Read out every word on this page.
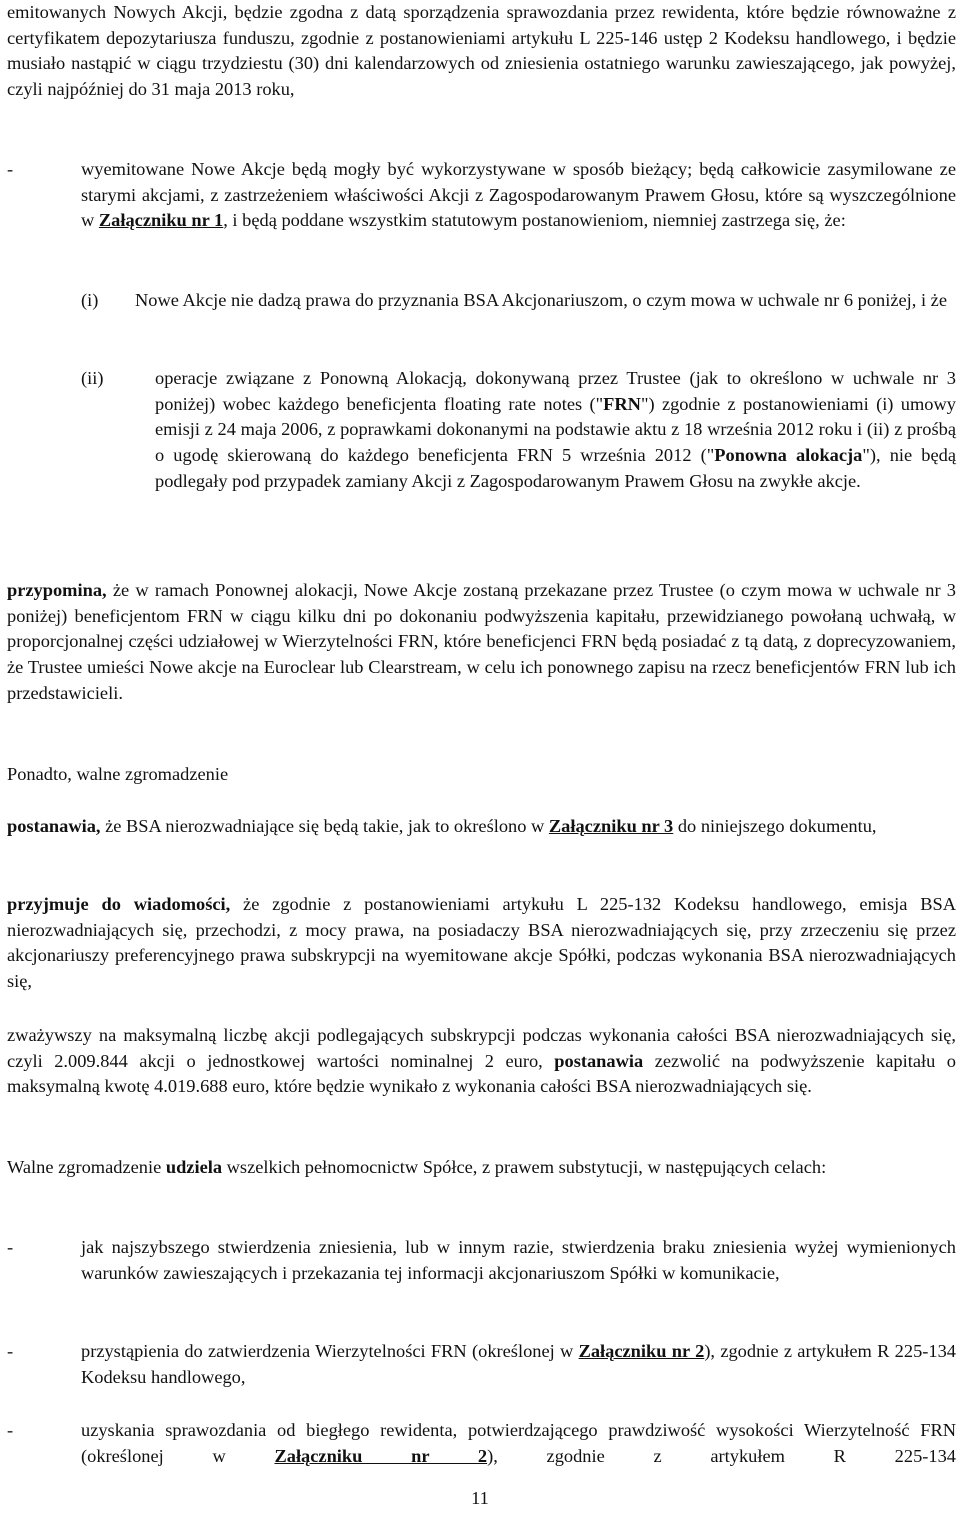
emitowanych Nowych Akcji, będzie zgodna z datą sporządzenia sprawozdania przez rewidenta, które będzie równoważne z certyfikatem depozytariusza funduszu, zgodnie z postanowieniami artykułu L 225-146 ustęp 2 Kodeksu handlowego, i będzie musiało nastąpić w ciągu trzydziestu (30) dni kalendarzowych od zniesienia ostatniego warunku zawieszającego, jak powyżej, czyli najpóźniej do 31 maja 2013 roku,

-	wyemitowane Nowe Akcje będą mogły być wykorzystywane w sposób bieżący; będą całkowicie zasymilowane ze starymi akcjami, z zastrzeżeniem właściwości Akcji z Zagospodarowanym Prawem Głosu, które są wyszczególnione w Załączniku nr 1, i będą poddane wszystkim statutowym postanowieniom, niemniej zastrzega się, że:

(i) Nowe Akcje nie dadzą prawa do przyznania BSA Akcjonariuszom, o czym mowa w uchwale nr 6 poniżej, i że

(ii)	operacje związane z Ponowną Alokacją, dokonywaną przez Trustee (jak to określono w uchwale nr 3 poniżej) wobec każdego beneficjenta floating rate notes ("FRN") zgodnie z postanowieniami (i) umowy emisji z 24 maja 2006, z poprawkami dokonanymi na podstawie aktu z 18 września 2012 roku i (ii) z prośbą o ugodę skierowaną do każdego beneficjenta FRN 5 września 2012 ("Ponowna alokacja"), nie będą podlegały pod przypadek zamiany Akcji z Zagospodarowanym Prawem Głosu na zwykłe akcje.

przypomina, że w ramach Ponownej alokacji, Nowe Akcje zostaną przekazane przez Trustee (o czym mowa w uchwale nr 3 poniżej) beneficjentom FRN w ciągu kilku dni po dokonaniu podwyższenia kapitału, przewidzianego powołaną uchwałą, w proporcjonalnej części udziałowej w Wierzytelności FRN, które beneficjenci FRN będą posiadać z tą datą, z doprecyzowaniem, że Trustee umieści Nowe akcje na Euroclear lub Clearstream, w celu ich ponownego zapisu na rzecz beneficjentów FRN lub ich przedstawicieli.

Ponadto, walne zgromadzenie

postanawia, że BSA nierozwadniające się będą takie, jak to określono w Załączniku nr 3 do niniejszego dokumentu,

przyjmuje do wiadomości, że zgodnie z postanowieniami artykułu L 225-132 Kodeksu handlowego, emisja BSA nierozwadniających się, przechodzi, z mocy prawa, na posiadaczy BSA nierozwadniających się, przy zrzeczeniu się przez akcjonariuszy preferencyjnego prawa subskrypcji na wyemitowane akcje Spółki, podczas wykonania BSA nierozwadniających się,

zważywszy na maksymalną liczbę akcji podlegających subskrypcji podczas wykonania całości BSA nierozwadniających się, czyli 2.009.844 akcji o jednostkowej wartości nominalnej 2 euro, postanawia zezwolić na podwyższenie kapitału o maksymalną kwotę 4.019.688 euro, które będzie wynikało z wykonania całości BSA nierozwadniających się.

Walne zgromadzenie udziela wszelkich pełnomocnictw Spółce, z prawem substytucji, w następujących celach:

-	jak najszybszego stwierdzenia zniesienia, lub w innym razie, stwierdzenia braku zniesienia wyżej wymienionych warunków zawieszających i przekazania tej informacji akcjonariuszom Spółki w komunikacie,

-	przystąpienia do zatwierdzenia Wierzytelności FRN (określonej w Załączniku nr 2), zgodnie z artykułem R 225-134 Kodeksu handlowego,

-	uzyskania sprawozdania od biegłego rewidenta, potwierdzającego prawdziwość wysokości Wierzytelność FRN (określonej w Załączniku nr 2), zgodnie z artykułem R 225-134

11
